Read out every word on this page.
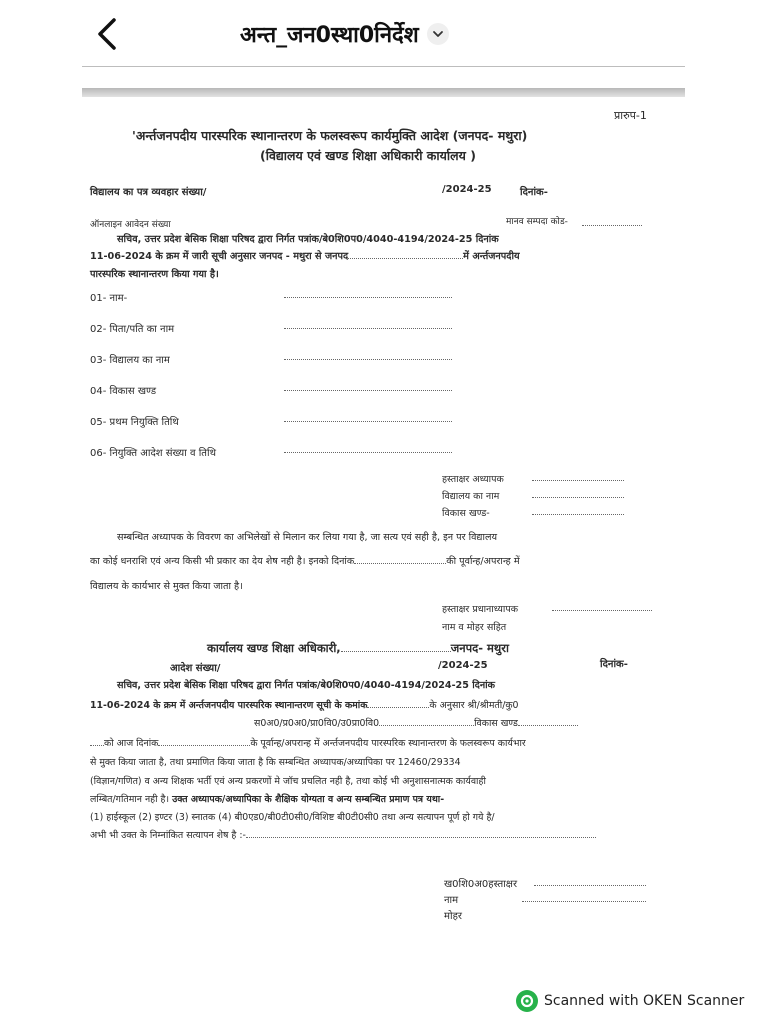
अन्त_जन0स्था0निर्देश
प्रारुप-1
'अर्न्तजनपदीय पारस्परिक स्थानान्तरण के फलस्वरूप कार्यमुक्ति आदेश (जनपद- मथुरा)
(विद्यालय एवं खण्ड शिक्षा अधिकारी कार्यालय )
विद्यालय का पत्र व्यवहार संख्या/	/2024-25	दिनांक-
ऑनलाइन आवेदन संख्या	मानव सम्पदा कोड-
सचिव, उत्तर प्रदेश बेसिक शिक्षा परिषद द्वारा निर्गत पत्रांक/बे0शि0प0/4040-4194/2024-25 दिनांक
11-06-2024 के क्रम में जारी सूची अनुसार जनपद - मथुरा से जनपद	में अर्न्तजनपदीय
पारस्परिक स्थानान्तरण किया गया है।
01- नाम-
02- पिता/पति का नाम
03- विद्यालय का नाम
04- विकास खण्ड
05- प्रथम नियुक्ति तिथि
06- नियुक्ति आदेश संख्या व तिथि
हस्ताक्षर अध्यापक
विद्यालय का नाम
विकास खण्ड-
सम्बन्धित अध्यापक के विवरण का अभिलेखों से मिलान कर लिया गया है, जा सत्य एवं सही है, इन पर विद्यालय
का कोई धनराशि एवं अन्य किसी भी प्रकार का देय शेष नही है। इनको दिनांक	की पूर्वान्ह/अपरान्ह में
विद्यालय के कार्यभार से मुक्त किया जाता है।
हस्ताक्षर प्रधानाध्यापक
नाम व मोहर सहित
कार्यालय खण्ड शिक्षा अधिकारी,	जनपद- मथुरा
आदेश संख्या/	/2024-25	दिनांक-
सचिव, उत्तर प्रदेश बेसिक शिक्षा परिषद द्वारा निर्गत पत्रांक/बे0शि0प0/4040-4194/2024-25 दिनांक
11-06-2024 के क्रम में अर्न्तजनपदीय पारस्परिक स्थानान्तरण सूची के कमांक	के अनुसार श्री/श्रीमती/कु0
स0अ0/प्र0अ0/प्रा0वि0/उ0प्रा0वि0	विकास खण्ड
को आज दिनांक	के पूर्वान्ह/अपरान्ह में अर्न्तजनपदीय पारस्परिक स्थानान्तरण के फलस्वरूप कार्यभार
से मुक्त किया जाता है, तथा प्रमाणित किया जाता है कि सम्बन्धित अध्यापक/अध्यापिका पर 12460/29334
(विज्ञान/गणित) व अन्य शिक्षक भर्ती एवं अन्य प्रकरणों मे जॉच प्रचलित नही है, तथा कोई भी अनुशासनात्मक कार्यवाही
लम्बित/गतिमान नही है। उक्त अध्यापक/अध्यापिका के शैक्षिक योग्यता व अन्य सम्बन्धित प्रमाण पत्र यथा-
(1) हाईस्कूल (2) इण्टर (3) स्नातक (4) बी0एड0/बी0टी0सी0/विशिष्ट बी0टी0सी0 तथा अन्य सत्यापन पूर्ण हो गये है/
अभी भी उक्त के निम्नांकित सत्यापन शेष है :-
ख0शि0अ0हस्ताक्षर
नाम
मोहर
Scanned with OKEN Scanner
